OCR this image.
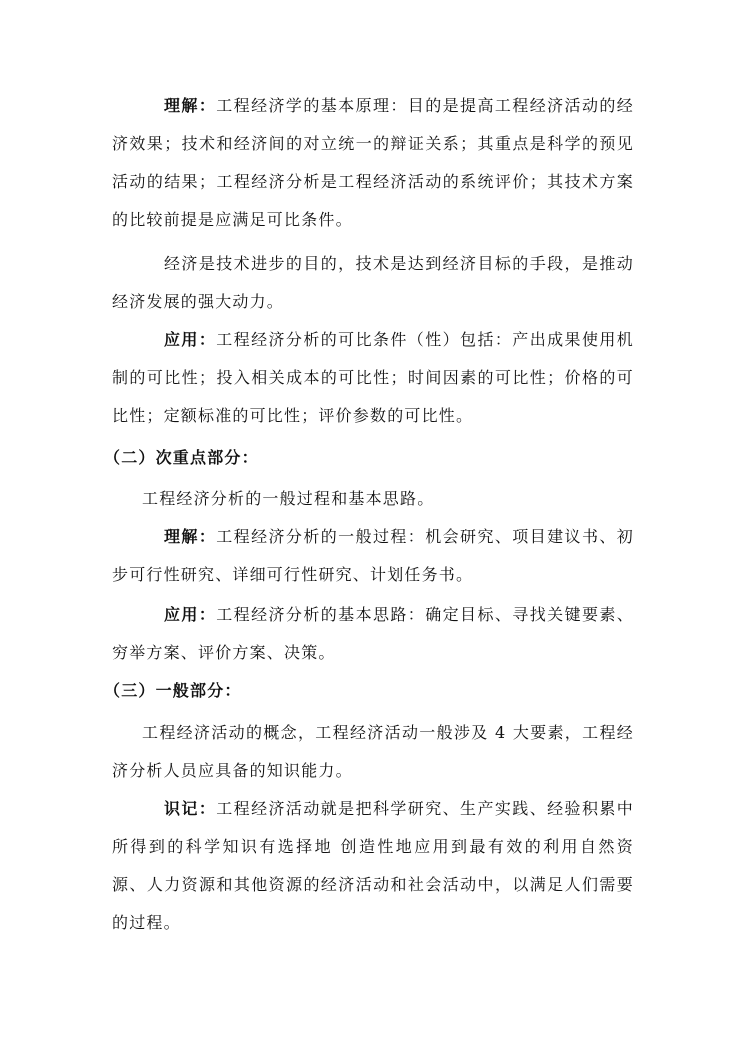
理解：工程经济学的基本原理：目的是提高工程经济活动的经济效果；技术和经济间的对立统一的辩证关系；其重点是科学的预见活动的结果；工程经济分析是工程经济活动的系统评价；其技术方案的比较前提是应满足可比条件。

经济是技术进步的目的，技术是达到经济目标的手段，是推动经济发展的强大动力。

应用：工程经济分析的可比条件（性）包括：产出成果使用机制的可比性；投入相关成本的可比性；时间因素的可比性；价格的可比性；定额标准的可比性；评价参数的可比性。

（二）次重点部分：

工程经济分析的一般过程和基本思路。

理解：工程经济分析的一般过程：机会研究、项目建议书、初步可行性研究、详细可行性研究、计划任务书。

应用：工程经济分析的基本思路：确定目标、寻找关键要素、穷举方案、评价方案、决策。

（三）一般部分：

工程经济活动的概念，工程经济活动一般涉及 4 大要素，工程经济分析人员应具备的知识能力。

识记：工程经济活动就是把科学研究、生产实践、经验积累中所得到的科学知识有选择地 创造性地应用到最有效的利用自然资源、人力资源和其他资源的经济活动和社会活动中，以满足人们需要的过程。
